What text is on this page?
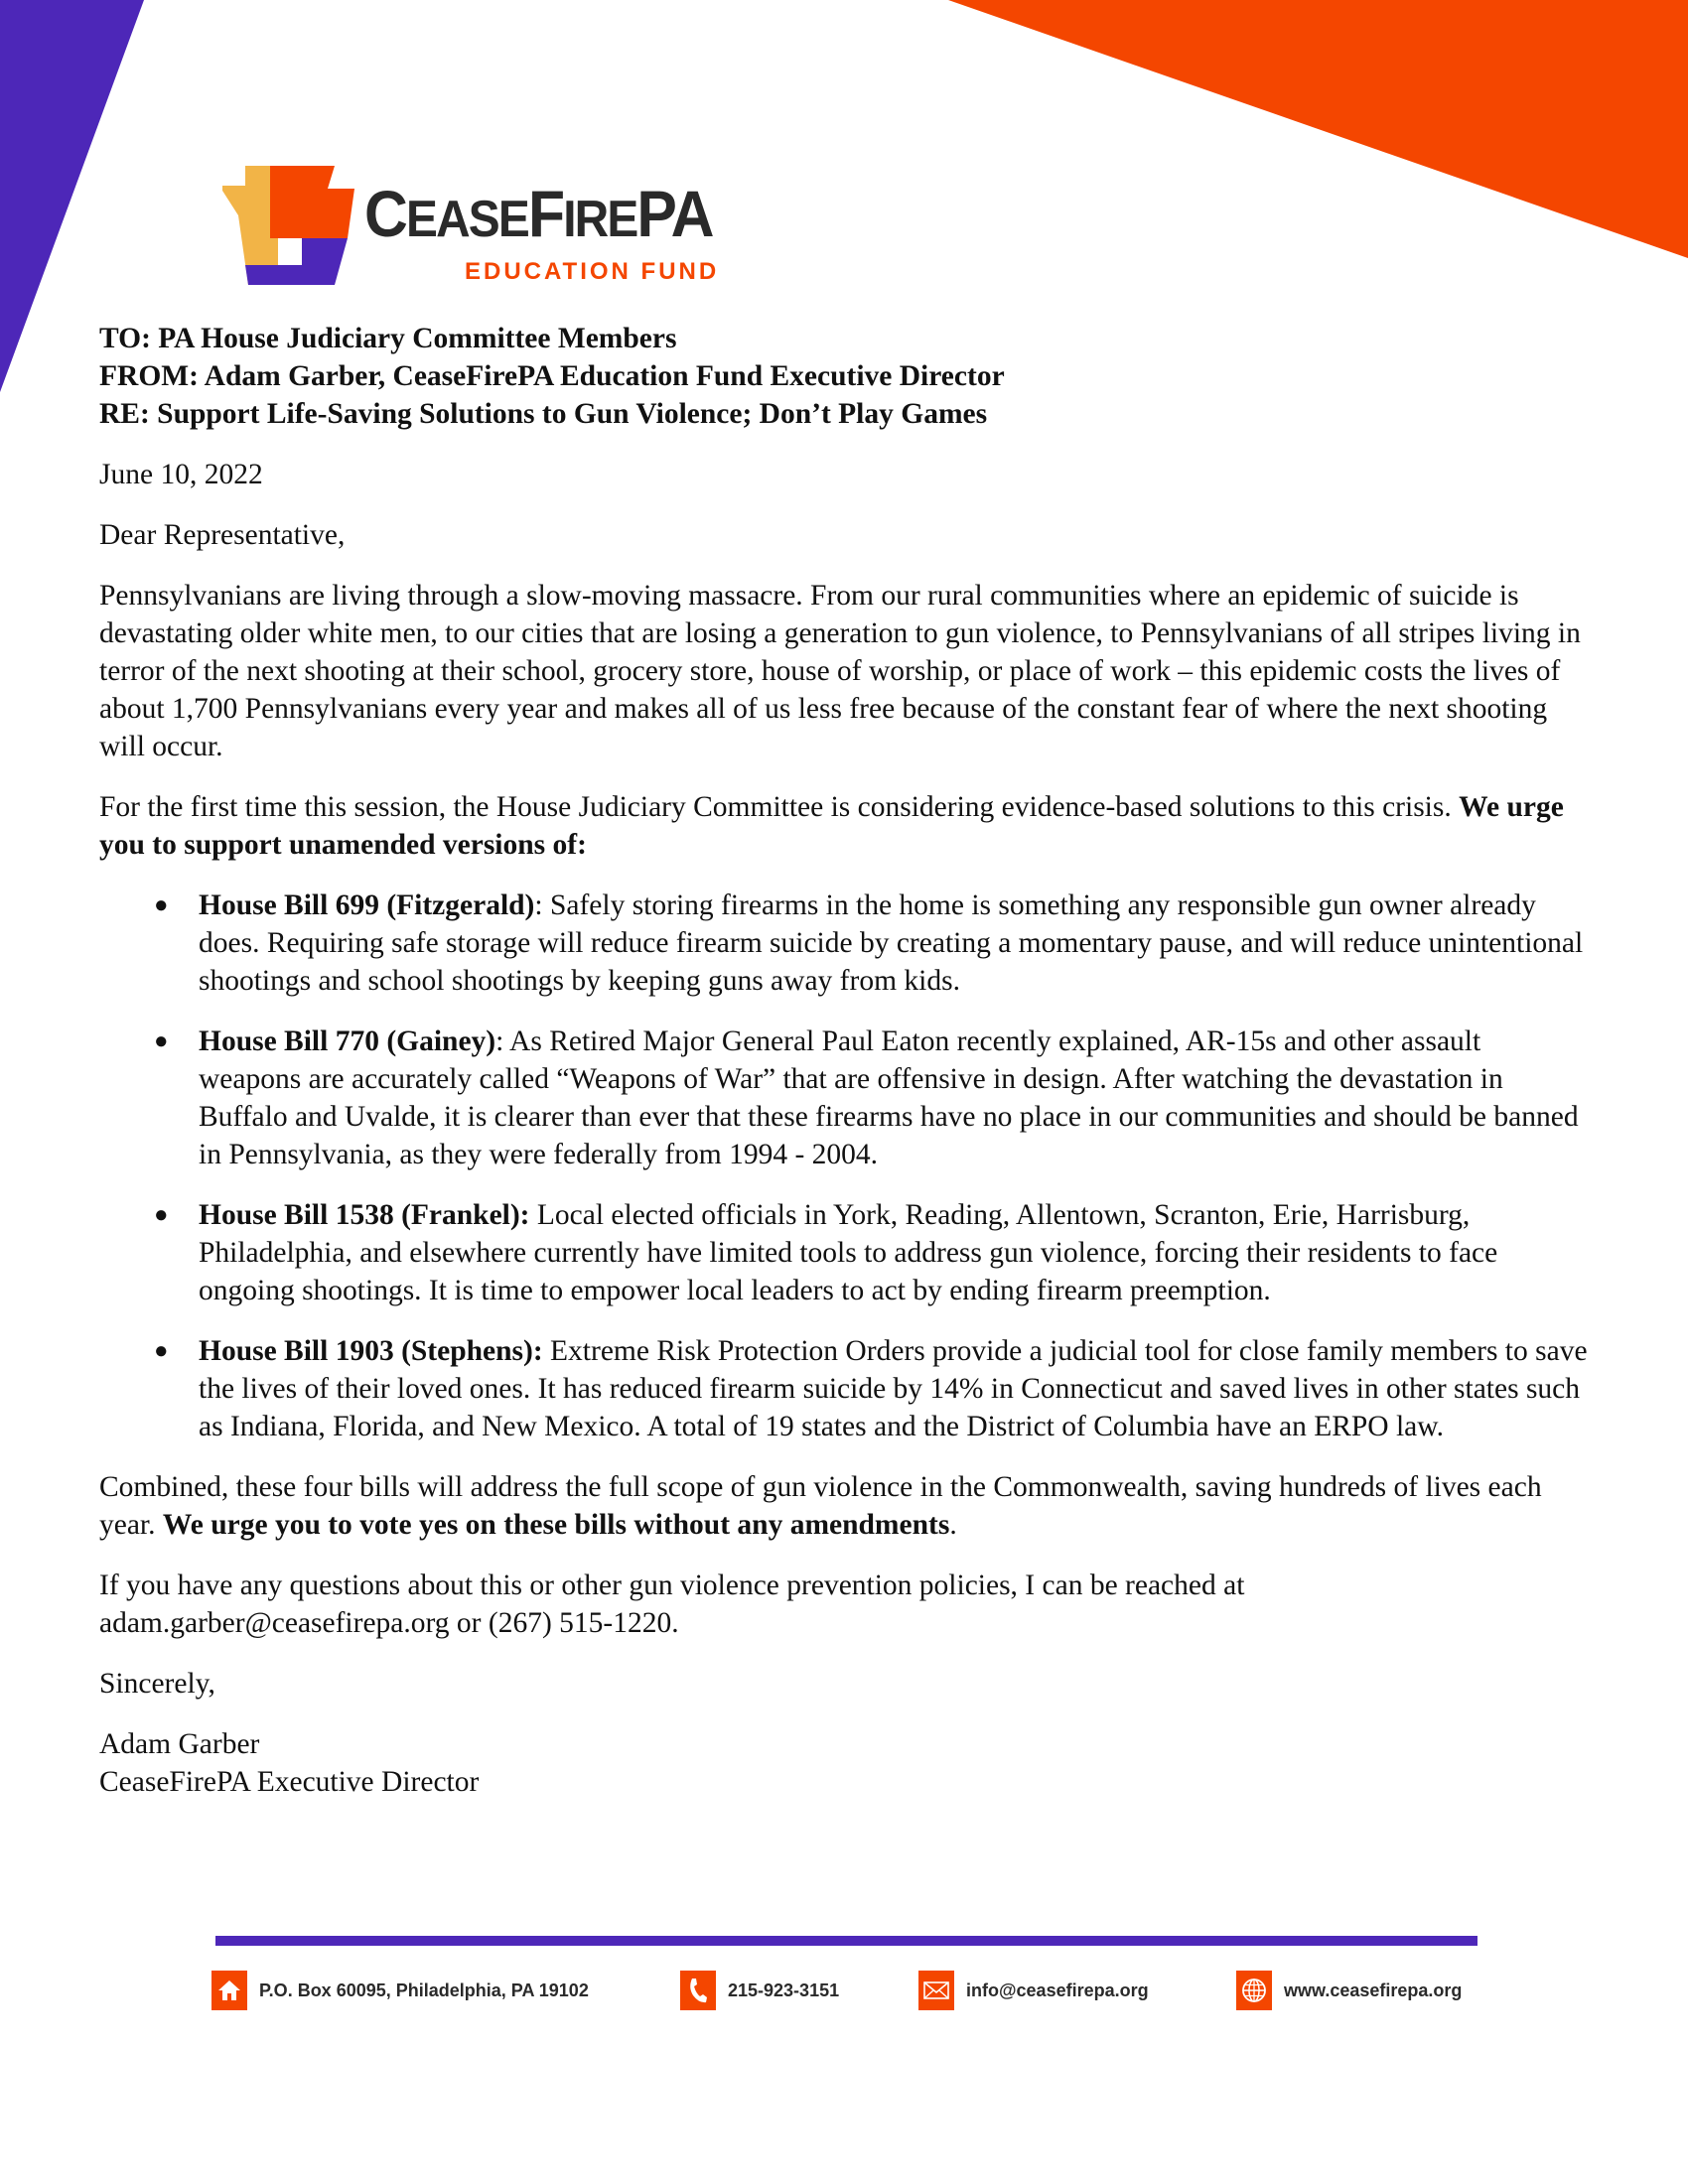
CEASEFIREPA
EDUCATION FUND
TO: PA House Judiciary Committee Members
FROM: Adam Garber, CeaseFirePA Education Fund Executive Director
RE: Support Life-Saving Solutions to Gun Violence; Don’t Play Games

June 10, 2022

Dear Representative,

Pennsylvanians are living through a slow-moving massacre. From our rural communities where an epidemic of suicide is devastating older white men, to our cities that are losing a generation to gun violence, to Pennsylvanians of all stripes living in terror of the next shooting at their school, grocery store, house of worship, or place of work – this epidemic costs the lives of about 1,700 Pennsylvanians every year and makes all of us less free because of the constant fear of where the next shooting will occur.

For the first time this session, the House Judiciary Committee is considering evidence-based solutions to this crisis. We urge you to support unamended versions of:

● House Bill 699 (Fitzgerald): Safely storing firearms in the home is something any responsible gun owner already does. Requiring safe storage will reduce firearm suicide by creating a momentary pause, and will reduce unintentional shootings and school shootings by keeping guns away from kids.
● House Bill 770 (Gainey): As Retired Major General Paul Eaton recently explained, AR-15s and other assault weapons are accurately called “Weapons of War” that are offensive in design. After watching the devastation in Buffalo and Uvalde, it is clearer than ever that these firearms have no place in our communities and should be banned in Pennsylvania, as they were federally from 1994 - 2004.
● House Bill 1538 (Frankel): Local elected officials in York, Reading, Allentown, Scranton, Erie, Harrisburg, Philadelphia, and elsewhere currently have limited tools to address gun violence, forcing their residents to face ongoing shootings. It is time to empower local leaders to act by ending firearm preemption.
● House Bill 1903 (Stephens): Extreme Risk Protection Orders provide a judicial tool for close family members to save the lives of their loved ones. It has reduced firearm suicide by 14% in Connecticut and saved lives in other states such as Indiana, Florida, and New Mexico. A total of 19 states and the District of Columbia have an ERPO law.

Combined, these four bills will address the full scope of gun violence in the Commonwealth, saving hundreds of lives each year. We urge you to vote yes on these bills without any amendments.

If you have any questions about this or other gun violence prevention policies, I can be reached at adam.garber@ceasefirepa.org or (267) 515-1220.

Sincerely,

Adam Garber
CeaseFirePA Executive Director
P.O. Box 60095, Philadelphia, PA 19102	215-923-3151	info@ceasefirepa.org	www.ceasefirepa.org
